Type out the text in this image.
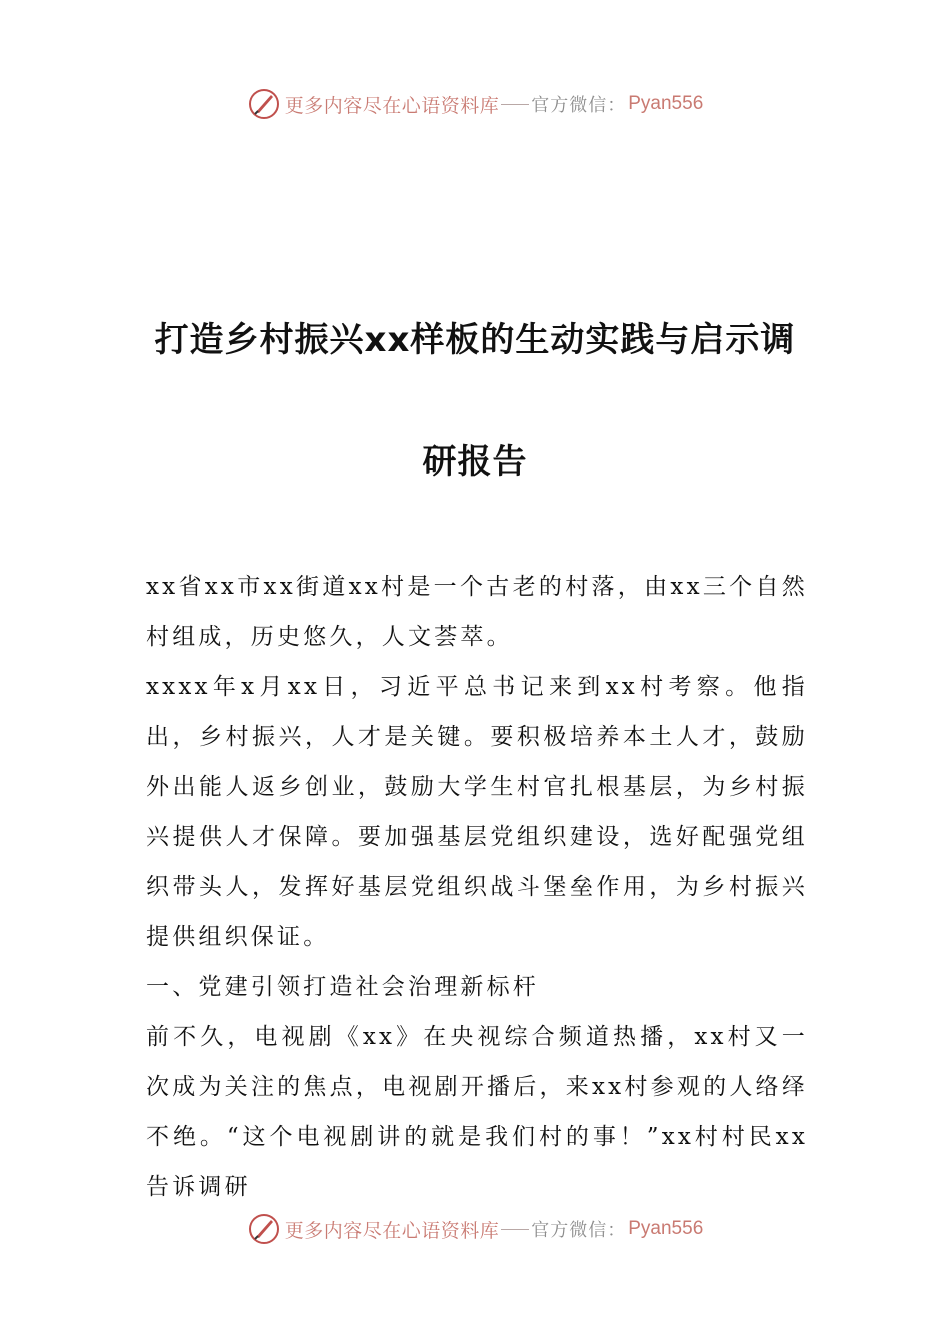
更多内容尽在心语资料库 官方微信： Pyan556
打造乡村振兴xx样板的生动实践与启示调
研报告

xx省xx市xx街道xx村是一个古老的村落，由xx三个自然村组成，历史悠久，人文荟萃。

xxxx年x月xx日，习近平总书记来到xx村考察。他指出，乡村振兴，人才是关键。要积极培养本土人才，鼓励外出能人返乡创业，鼓励大学生村官扎根基层，为乡村振兴提供人才保障。要加强基层党组织建设，选好配强党组织带头人，发挥好基层党组织战斗堡垒作用，为乡村振兴提供组织保证。

一、党建引领打造社会治理新标杆

前不久，电视剧《xx》在央视综合频道热播，xx村又一次成为关注的焦点，电视剧开播后，来xx村参观的人络绎不绝。“这个电视剧讲的就是我们村的事！”xx村村民xx告诉调研

更多内容尽在心语资料库 官方微信： Pyan556
